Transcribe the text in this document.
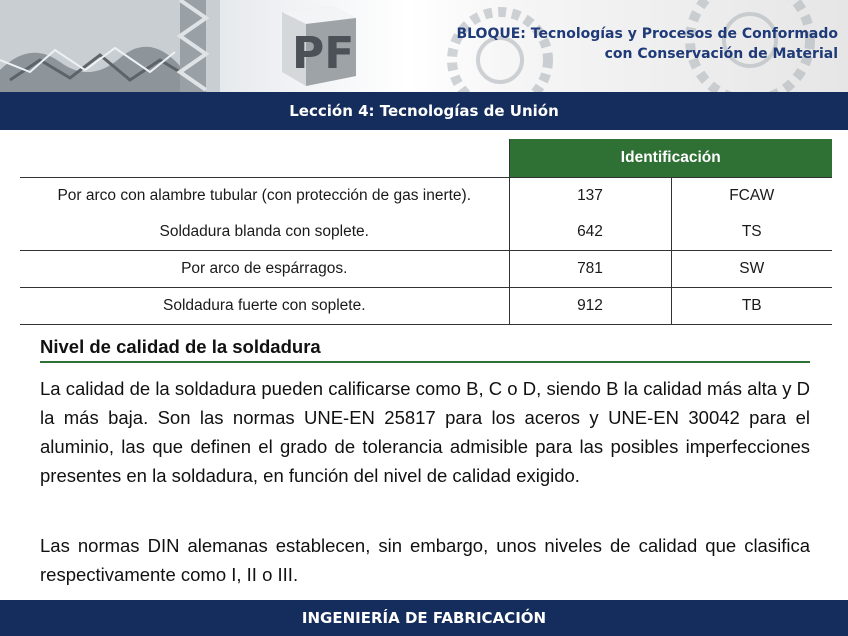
PF	BLOQUE: Tecnologías y Procesos de Conformado
con Conservación de Material
Lección 4: Tecnologías de Unión
	Identificación	
Por arco con alambre tubular (con protección de gas inerte).	137	FCAW
Soldadura blanda con soplete.	642	TS
Por arco de espárragos.	781	SW
Soldadura fuerte con soplete.	912	TB
Nivel de calidad de la soldadura
La calidad de la soldadura pueden calificarse como B, C o D, siendo B la calidad más alta y D la más baja. Son las normas UNE-EN 25817 para los aceros y UNE-EN 30042 para el aluminio, las que definen el grado de tolerancia admisible para las posibles imperfecciones presentes en la soldadura, en función del nivel de calidad exigido.
Las normas DIN alemanas establecen, sin embargo, unos niveles de calidad que clasifica respectivamente como I, II o III.
INGENIERÍA DE FABRICACIÓN
